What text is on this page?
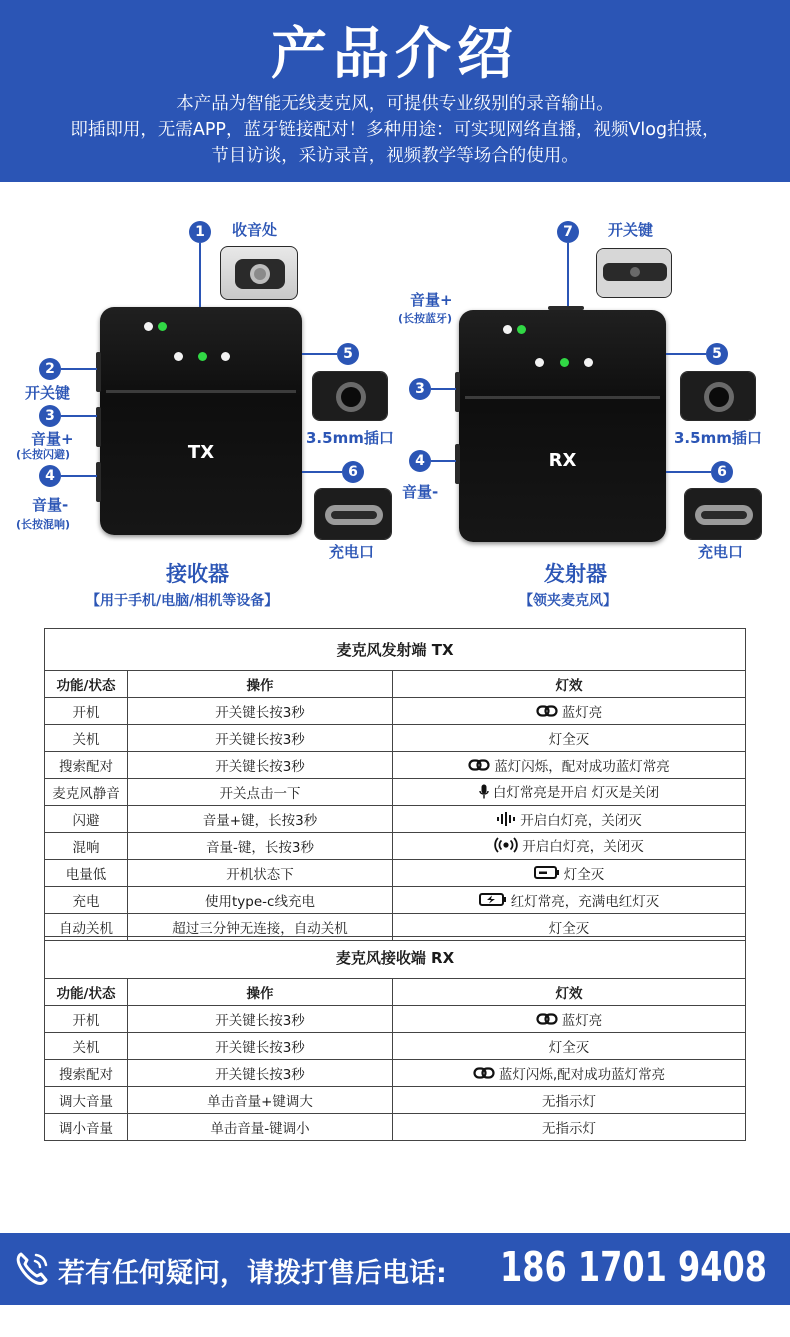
产品介绍
本产品为智能无线麦克风，可提供专业级别的录音输出。
即插即用，无需APP，蓝牙链接配对！多种用途：可实现网络直播，视频Vlog拍摄，
节目访谈，采访录音，视频教学等场合的使用。
TX
1	收音处
2
开关键
3
音量+
(长按闪避)
4
音量-
(长按混响)
5
3.5mm插口
6
充电口
接收器
【用于手机/电脑/相机等设备】
RX
7	开关键
音量+
(长按蓝牙)
3
4
音量-
5
3.5mm插口
6
充电口
发射器
【领夹麦克风】
麦克风发射端 TX		
功能/状态	操作	灯效
开机	开关键长按3秒	蓝灯亮
关机	开关键长按3秒	灯全灭
搜索配对	开关键长按3秒	蓝灯闪烁，配对成功蓝灯常亮
麦克风静音	开关点击一下	白灯常亮是开启 灯灭是关闭
闪避	音量+键，长按3秒	开启白灯亮，关闭灭
混响	音量-键，长按3秒	开启白灯亮，关闭灭
电量低	开机状态下	灯全灭
充电	使用type-c线充电	红灯常亮，充满电红灯灭
自动关机	超过三分钟无连接，自动关机	灯全灭
麦克风接收端 RX		
功能/状态	操作	灯效
开机	开关键长按3秒	蓝灯亮
关机	开关键长按3秒	灯全灭
搜索配对	开关键长按3秒	蓝灯闪烁,配对成功蓝灯常亮
调大音量	单击音量+键调大	无指示灯
调小音量	单击音量-键调小	无指示灯
若有任何疑问，请拨打售后电话: 186 1701 9408
